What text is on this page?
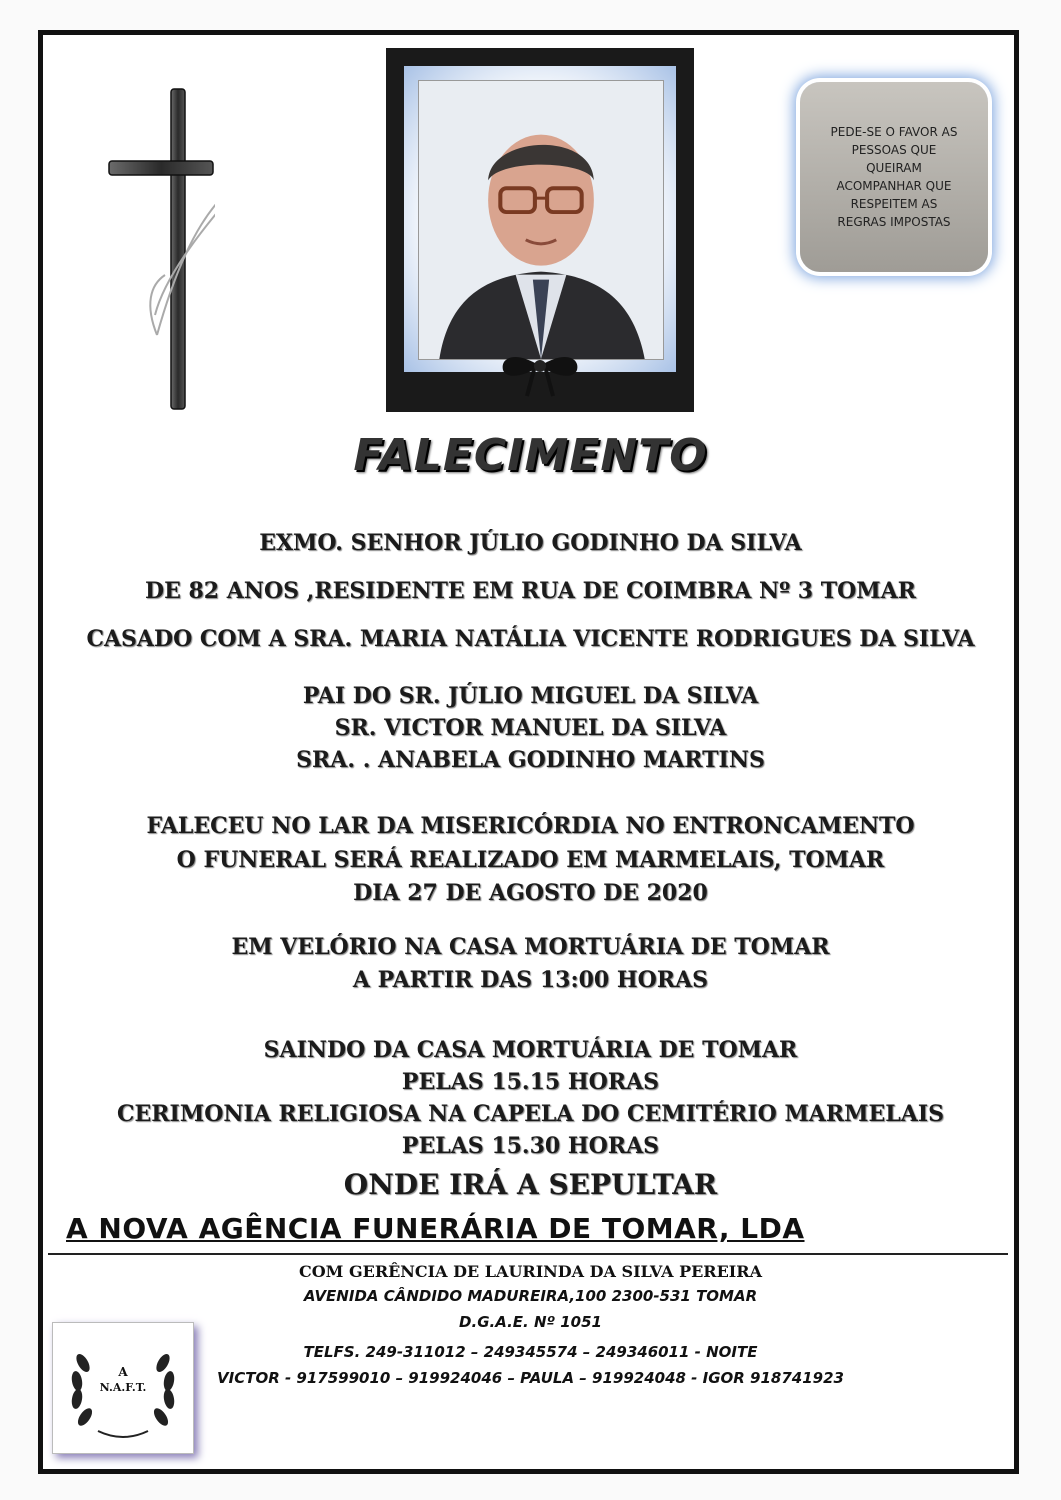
PEDE-SE O FAVOR AS
PESSOAS QUE
QUEIRAM
ACOMPANHAR QUE
RESPEITEM AS
REGRAS IMPOSTAS
FALECIMENTO
EXMO. SENHOR JÚLIO GODINHO DA SILVA
DE 82 ANOS ,RESIDENTE EM RUA DE COIMBRA Nº 3 TOMAR
CASADO COM A SRA. MARIA NATÁLIA VICENTE RODRIGUES DA SILVA
PAI DO SR. JÚLIO MIGUEL DA SILVA
SR. VICTOR MANUEL DA SILVA
SRA. . ANABELA GODINHO MARTINS
FALECEU NO LAR DA MISERICÓRDIA NO ENTRONCAMENTO
O FUNERAL SERÁ REALIZADO EM MARMELAIS, TOMAR
DIA 27 DE AGOSTO DE 2020
EM VELÓRIO NA CASA MORTUÁRIA DE TOMAR
A PARTIR DAS 13:00 HORAS
SAINDO DA CASA MORTUÁRIA DE TOMAR
PELAS 15.15 HORAS
CERIMONIA RELIGIOSA NA CAPELA DO CEMITÉRIO MARMELAIS
PELAS 15.30 HORAS
ONDE IRÁ A SEPULTAR
A NOVA AGÊNCIA FUNERÁRIA DE TOMAR, LDA
COM GERÊNCIA DE LAURINDA DA SILVA PEREIRA
AVENIDA CÂNDIDO MADUREIRA,100 2300-531 TOMAR
D.G.A.E. Nº 1051
TELFS. 249-311012 – 249345574 – 249346011 - NOITE
VICTOR - 917599010 – 919924046 – PAULA – 919924048 - IGOR 918741923
A
N.A.F.T.
